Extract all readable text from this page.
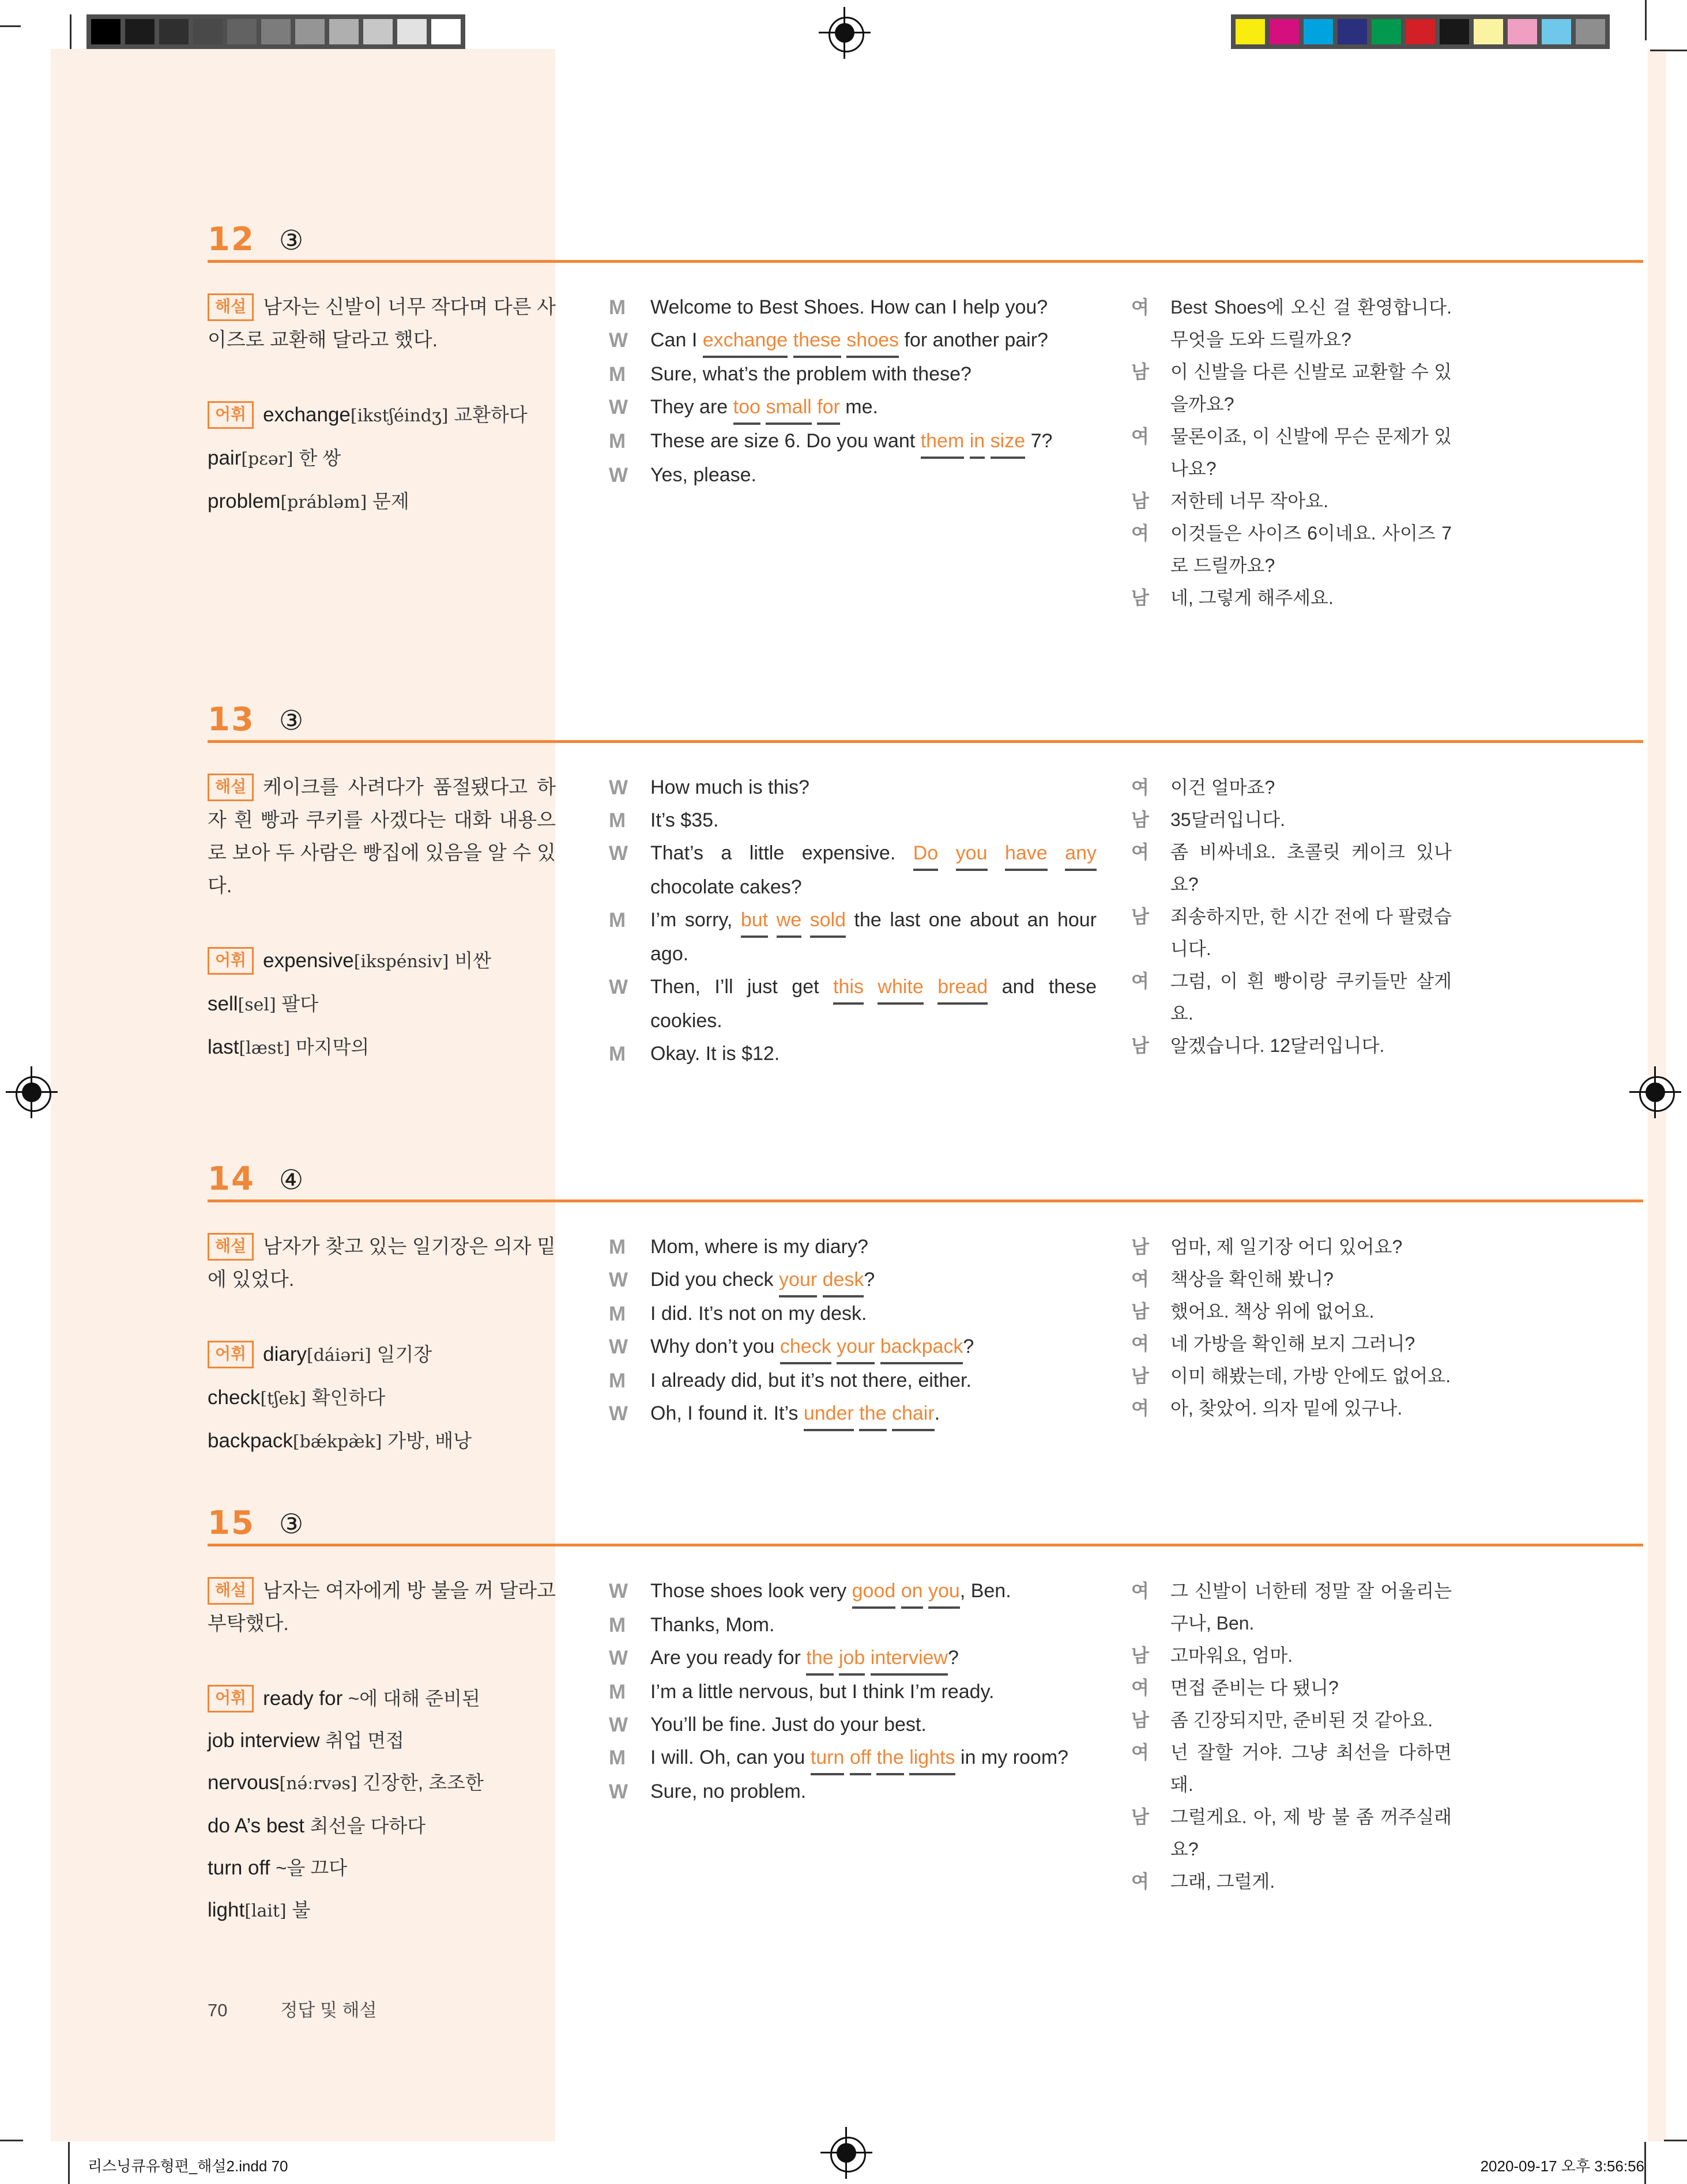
70	정답 및 해설
리스닝큐유형편_해설2.indd 70	2020-09-17 오후 3:56:56
12 ③
해설 남자는 신발이 너무 작다며 다른 사이즈로 교환해 달라고 했다.
어휘 exchange[ikstʃéindʒ] 교환하다
pair[pɛər] 한 쌍
problem[prábləm] 문제
M	Welcome to Best Shoes. How can I help you?
W	Can I exchange these shoes for another pair?
M	Sure, what’s the problem with these?
W	They are too small for me.
M	These are size 6. Do you want them in size 7?
W	Yes, please.
여	Best Shoes에 오신 걸 환영합니다. 무엇을 도와 드릴까요?
남	이 신발을 다른 신발로 교환할 수 있을까요?
여	물론이죠, 이 신발에 무슨 문제가 있나요?
남	저한테 너무 작아요.
여	이것들은 사이즈 6이네요. 사이즈 7로 드릴까요?
남	네, 그렇게 해주세요.
13 ③
해설 케이크를 사려다가 품절됐다고 하자 흰 빵과 쿠키를 사겠다는 대화 내용으로 보아 두 사람은 빵집에 있음을 알 수 있다.
어휘 expensive[ikspénsiv] 비싼
sell[sel] 팔다
last[læst] 마지막의
W	How much is this?
M	It’s $35.
W	That’s a little expensive. Do you have any chocolate cakes?
M	I’m sorry, but we sold the last one about an hour ago.
W	Then, I’ll just get this white bread and these cookies.
M	Okay. It is $12.
여	이건 얼마죠?
남	35달러입니다.
여	좀 비싸네요. 초콜릿 케이크 있나요?
남	죄송하지만, 한 시간 전에 다 팔렸습니다.
여	그럼, 이 흰 빵이랑 쿠키들만 살게요.
남	알겠습니다. 12달러입니다.
14 ④
해설 남자가 찾고 있는 일기장은 의자 밑에 있었다.
어휘 diary[dáiəri] 일기장
check[tʃek] 확인하다
backpack[bǽkpæ̀k] 가방, 배낭
M	Mom, where is my diary?
W	Did you check your desk?
M	I did. It’s not on my desk.
W	Why don’t you check your backpack?
M	I already did, but it’s not there, either.
W	Oh, I found it. It’s under the chair.
남	엄마, 제 일기장 어디 있어요?
여	책상을 확인해 봤니?
남	했어요. 책상 위에 없어요.
여	네 가방을 확인해 보지 그러니?
남	이미 해봤는데, 가방 안에도 없어요.
여	아, 찾았어. 의자 밑에 있구나.
15 ③
해설 남자는 여자에게 방 불을 꺼 달라고 부탁했다.
어휘 ready for ~에 대해 준비된
job interview 취업 면접
nervous[nə́ːrvəs] 긴장한, 초조한
do A’s best 최선을 다하다
turn off ~을 끄다
light[lait] 불
W	Those shoes look very good on you, Ben.
M	Thanks, Mom.
W	Are you ready for the job interview?
M	I’m a little nervous, but I think I’m ready.
W	You’ll be fine. Just do your best.
M	I will. Oh, can you turn off the lights in my room?
W	Sure, no problem.
여	그 신발이 너한테 정말 잘 어울리는구나, Ben.
남	고마워요, 엄마.
여	면접 준비는 다 됐니?
남	좀 긴장되지만, 준비된 것 같아요.
여	넌 잘할 거야. 그냥 최선을 다하면 돼.
남	그럴게요. 아, 제 방 불 좀 꺼주실래요?
여	그래, 그럴게.
